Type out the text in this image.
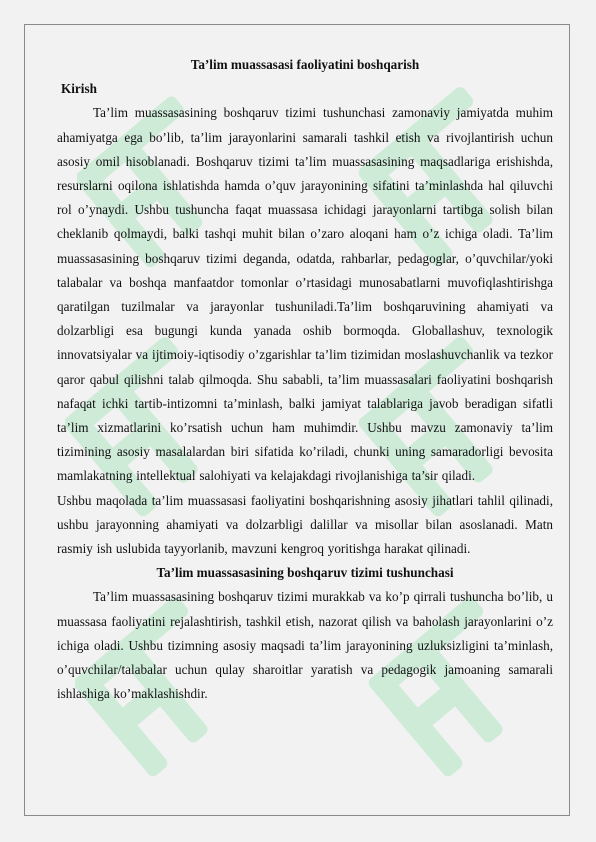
Ta’lim muassasasi faoliyatini boshqarish

Kirish

Ta’lim muassasasining boshqaruv tizimi tushunchasi zamonaviy jamiyatda muhim ahamiyatga ega bo’lib, ta’lim jarayonlarini samarali tashkil etish va rivojlantirish uchun asosiy omil hisoblanadi. Boshqaruv tizimi ta’lim muassasasining maqsadlariga erishishda, resurslarni oqilona ishlatishda hamda o’quv jarayonining sifatini ta’minlashda hal qiluvchi rol o’ynaydi. Ushbu tushuncha faqat muassasa ichidagi jarayonlarni tartibga solish bilan cheklanib qolmaydi, balki tashqi muhit bilan o’zaro aloqani ham o’z ichiga oladi. Ta’lim muassasasining boshqaruv tizimi deganda, odatda, rahbarlar, pedagoglar, o’quvchilar/yoki talabalar va boshqa manfaatdor tomonlar o’rtasidagi munosabatlarni muvofiqlashtirishga qaratilgan tuzilmalar va jarayonlar tushuniladi.Ta’lim boshqaruvining ahamiyati va dolzarbligi esa bugungi kunda yanada oshib bormoqda. Globallashuv, texnologik innovatsiyalar va ijtimoiy-iqtisodiy o’zgarishlar ta’lim tizimidan moslashuvchanlik va tezkor qaror qabul qilishni talab qilmoqda. Shu sababli, ta’lim muassasalari faoliyatini boshqarish nafaqat ichki tartib-intizomni ta’minlash, balki jamiyat talablariga javob beradigan sifatli ta’lim xizmatlarini ko’rsatish uchun ham muhimdir. Ushbu mavzu zamonaviy ta’lim tizimining asosiy masalalardan biri sifatida ko’riladi, chunki uning samaradorligi bevosita mamlakatning intellektual salohiyati va kelajakdagi rivojlanishiga ta’sir qiladi.

Ushbu maqolada ta’lim muassasasi faoliyatini boshqarishning asosiy jihatlari tahlil qilinadi, ushbu jarayonning ahamiyati va dolzarbligi dalillar va misollar bilan asoslanadi. Matn rasmiy ish uslubida tayyorlanib, mavzuni kengroq yoritishga harakat qilinadi.

Ta’lim muassasasining boshqaruv tizimi tushunchasi

Ta’lim muassasasining boshqaruv tizimi murakkab va ko’p qirrali tushuncha bo’lib, u muassasa faoliyatini rejalashtirish, tashkil etish, nazorat qilish va baholash jarayonlarini o’z ichiga oladi. Ushbu tizimning asosiy maqsadi ta’lim jarayonining uzluksizligini ta’minlash, o’quvchilar/talabalar uchun qulay sharoitlar yaratish va pedagogik jamoaning samarali ishlashiga ko’maklashishdir.
